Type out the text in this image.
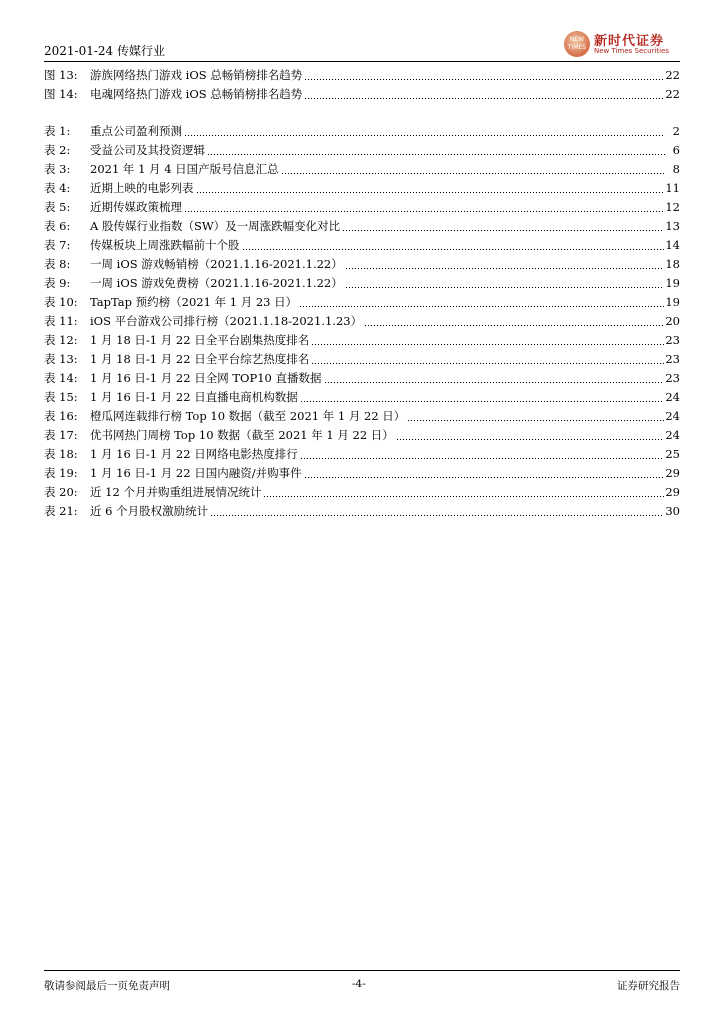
2021-01-24 传媒行业
NEW TIMES 新时代证券
New Times Securities
图 13:	游族网络热门游戏 iOS 总畅销榜排名趋势	22
图 14:	电魂网络热门游戏 iOS 总畅销榜排名趋势	22
表 1:	重点公司盈利预测	2
表 2:	受益公司及其投资逻辑	6
表 3:	2021 年 1 月 4 日国产版号信息汇总	8
表 4:	近期上映的电影列表	11
表 5:	近期传媒政策梳理	12
表 6:	A 股传媒行业指数（SW）及一周涨跌幅变化对比	13
表 7:	传媒板块上周涨跌幅前十个股	14
表 8:	一周 iOS 游戏畅销榜（2021.1.16-2021.1.22）	18
表 9:	一周 iOS 游戏免费榜（2021.1.16-2021.1.22）	19
表 10:	TapTap 预约榜（2021 年 1 月 23 日）	19
表 11:	iOS 平台游戏公司排行榜（2021.1.18-2021.1.23）	20
表 12:	1 月 18 日-1 月 22 日全平台剧集热度排名	23
表 13:	1 月 18 日-1 月 22 日全平台综艺热度排名	23
表 14:	1 月 16 日-1 月 22 日全网 TOP10 直播数据	23
表 15:	1 月 16 日-1 月 22 日直播电商机构数据	24
表 16:	橙瓜网连载排行榜 Top 10 数据（截至 2021 年 1 月 22 日）	24
表 17:	优书网热门周榜 Top 10 数据（截至 2021 年 1 月 22 日）	24
表 18:	1 月 16 日-1 月 22 日网络电影热度排行	25
表 19:	1 月 16 日-1 月 22 日国内融资/并购事件	29
表 20:	近 12 个月并购重组进展情况统计	29
表 21:	近 6 个月股权激励统计	30
敬请参阅最后一页免责声明	-4-	证券研究报告
